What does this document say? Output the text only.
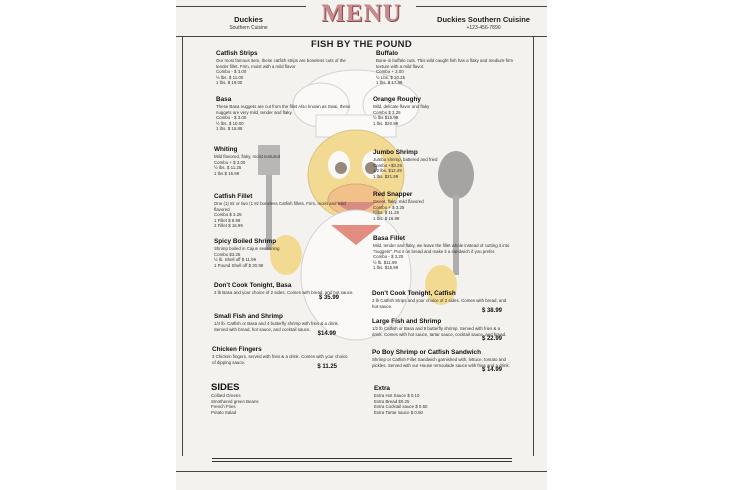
MENU
Duckies
Southern Cuisine
Duckies Southern Cuisine
+123-456-7890
FISH BY THE POUND
Catfish Strips
Our most famous item, these catfish strips are boneless cuts of the tender fillet. Firm, moist with a mild flavor
Combo - $ 3.00
½ lbs. $ 11.00
1 lbs. $ 19.00
Basa
These Basa nuggets are cut from the fillet Also known as Swai, these nuggets are very mild, tender and flaky.
Combo - $ 3.00
½ lbs. $ 10.00
1 lbs. $ 16.89
Whiting
Mild flavored, flaky, moist textured
Combo + $ 3.00
½ lbs. $ 11.25
1 lbs $ 16.99
Catfish Fillet
One (1) 8z or two (1 8z boneless Catfish fillets. Firm, moist and mild flavored
Combo $ 3.25
1 Fillet $ 8.99
2 Fillet $ 16.99
Spicy Boiled Shrimp
Shrimp boiled in Cajun seasoning
Combo $3.25
½ lb. Shell off $ 11.99
1 Pound Shell off $ 20.99
Don't Cook Tonight, Basa
2 lb Basa and your choice of 2 sides. Comes with bread, and hot sauce.
$ 35.99
Small Fish and Shrimp
1/4 lb. Catfish or Basa and 4 butterfly shrimp with fries & a drink. Served with bread, hot sauce, and cocktail sauce.
$14.99
Chicken Fingers
3 Chicken fingers, served with fries & a drink. Comes with your choice of dipping sauce.
$ 11.25
SIDES
Collard Greens
Smothered green Beans
French Fries
Potato Salad
Buffalo
Bone-in buffalo cuts. This wild caught fish has a flaky and medium-firm texture with a mild flavor.
Combo + 3.00
½ Lbs. $ 10.25
1 lbs. $ 17.99
Orange Roughy
Mild, delicate flavor and flaky
Combo $ 3.25
½ lbs $15.99
1 lbs. $20.99
Jumbo Shrimp
Jumbo shrimp, battered and fried
Combo +$3.25
1/2 lbs. $12.49
1 lbs. $21.99
Red Snapper
Sweet, flaky, mild flavored
Combo + $ 3.25
½lbs. $ 11.25
1 lbs. $ 16.99
Basa Fillet
Mild, tender and flaky, we leave the fillet whole instead of cutting it into "nuggets". Put it on bread and make it a sandwich if you prefer.
Combo - $ 3.25
½ lb. $11.99
1 lbs. $15.99
Don't Cook Tonight, Catfish
2 lb Catfish Strips and your choice of 2 sides. Comes with bread, and hot sauce.
$ 38.99
Large Fish and Shrimp
1/2 lb Catfish or Basa and 8 butterfly shrimp. Served with fries & a drink. Comes with hot sauce, tartar sauce, cocktail sauce, and bread.
$ 22.99
Po Boy Shrimp or Catfish Sandwich
Shrimp or Catfish Fillet Sandwich garnished with, lettuce, tomato and pickles. Served with our House remoulade sauce with fries and a drink.
$ 14.99
Extra
Extra Hot Sauce $ 0.10
Extra Bread $0.25
Extra Cocktail sauce $ 0.50
Extra Tartar sauce $ 0.50
